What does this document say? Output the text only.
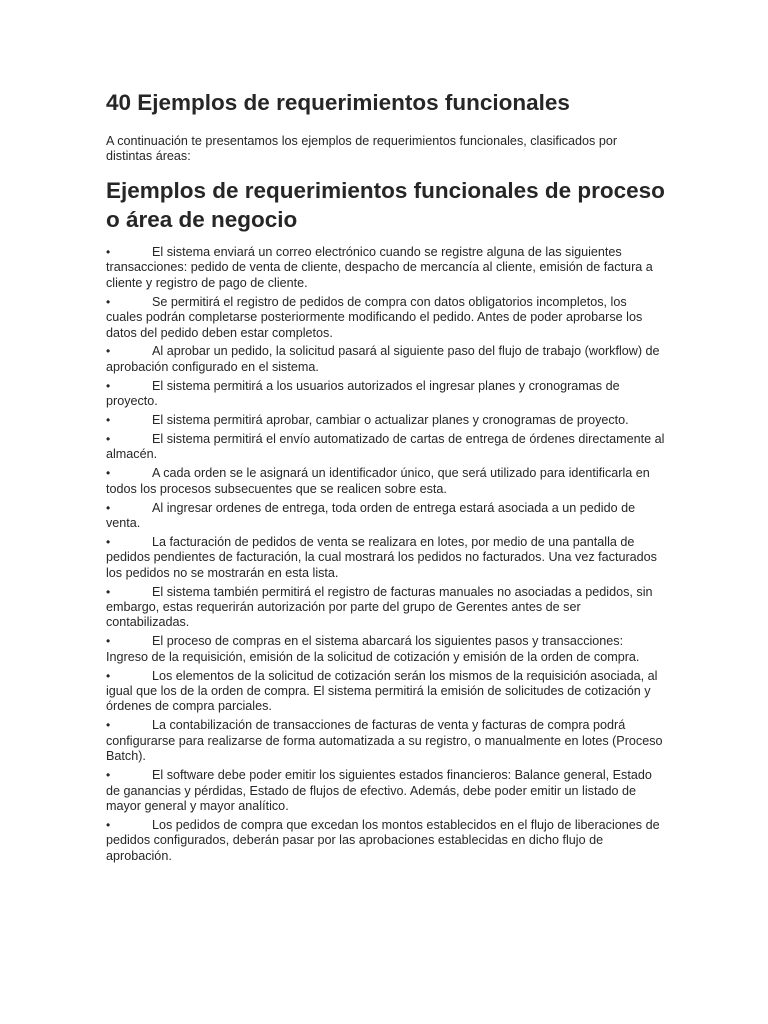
40 Ejemplos de requerimientos funcionales
A continuación te presentamos los ejemplos de requerimientos funcionales, clasificados por distintas áreas:
Ejemplos de requerimientos funcionales de proceso o área de negocio
•	El sistema enviará un correo electrónico cuando se registre alguna de las siguientes transacciones: pedido de venta de cliente, despacho de mercancía al cliente, emisión de factura a cliente y registro de pago de cliente.
•	Se permitirá el registro de pedidos de compra con datos obligatorios incompletos, los cuales podrán completarse posteriormente modificando el pedido. Antes de poder aprobarse los datos del pedido deben estar completos.
•	Al aprobar un pedido, la solicitud pasará al siguiente paso del flujo de trabajo (workflow) de aprobación configurado en el sistema.
•	El sistema permitirá a los usuarios autorizados el ingresar planes y cronogramas de proyecto.
•	El sistema permitirá aprobar, cambiar o actualizar planes y cronogramas de proyecto.
•	El sistema permitirá el envío automatizado de cartas de entrega de órdenes directamente al almacén.
•	A cada orden se le asignará un identificador único, que será utilizado para identificarla en todos los procesos subsecuentes que se realicen sobre esta.
•	Al ingresar ordenes de entrega, toda orden de entrega estará asociada a un pedido de venta.
•	La facturación de pedidos de venta se realizara en lotes, por medio de una pantalla de pedidos pendientes de facturación, la cual mostrará los pedidos no facturados. Una vez facturados los pedidos no se mostrarán en esta lista.
•	El sistema también permitirá el registro de facturas manuales no asociadas a pedidos, sin embargo, estas requerirán autorización por parte del grupo de Gerentes antes de ser contabilizadas.
•	El proceso de compras en el sistema abarcará los siguientes pasos y transacciones: Ingreso de la requisición, emisión de la solicitud de cotización y emisión de la orden de compra.
•	Los elementos de la solicitud de cotización serán los mismos de la requisición asociada, al igual que los de la orden de compra. El sistema permitirá la emisión de solicitudes de cotización y órdenes de compra parciales.
•	La contabilización de transacciones de facturas de venta y facturas de compra podrá configurarse para realizarse de forma automatizada a su registro, o manualmente en lotes (Proceso Batch).
•	El software debe poder emitir los siguientes estados financieros: Balance general, Estado de ganancias y pérdidas, Estado de flujos de efectivo. Además, debe poder emitir un listado de mayor general y mayor analítico.
•	Los pedidos de compra que excedan los montos establecidos en el flujo de liberaciones de pedidos configurados, deberán pasar por las aprobaciones establecidas en dicho flujo de aprobación.
